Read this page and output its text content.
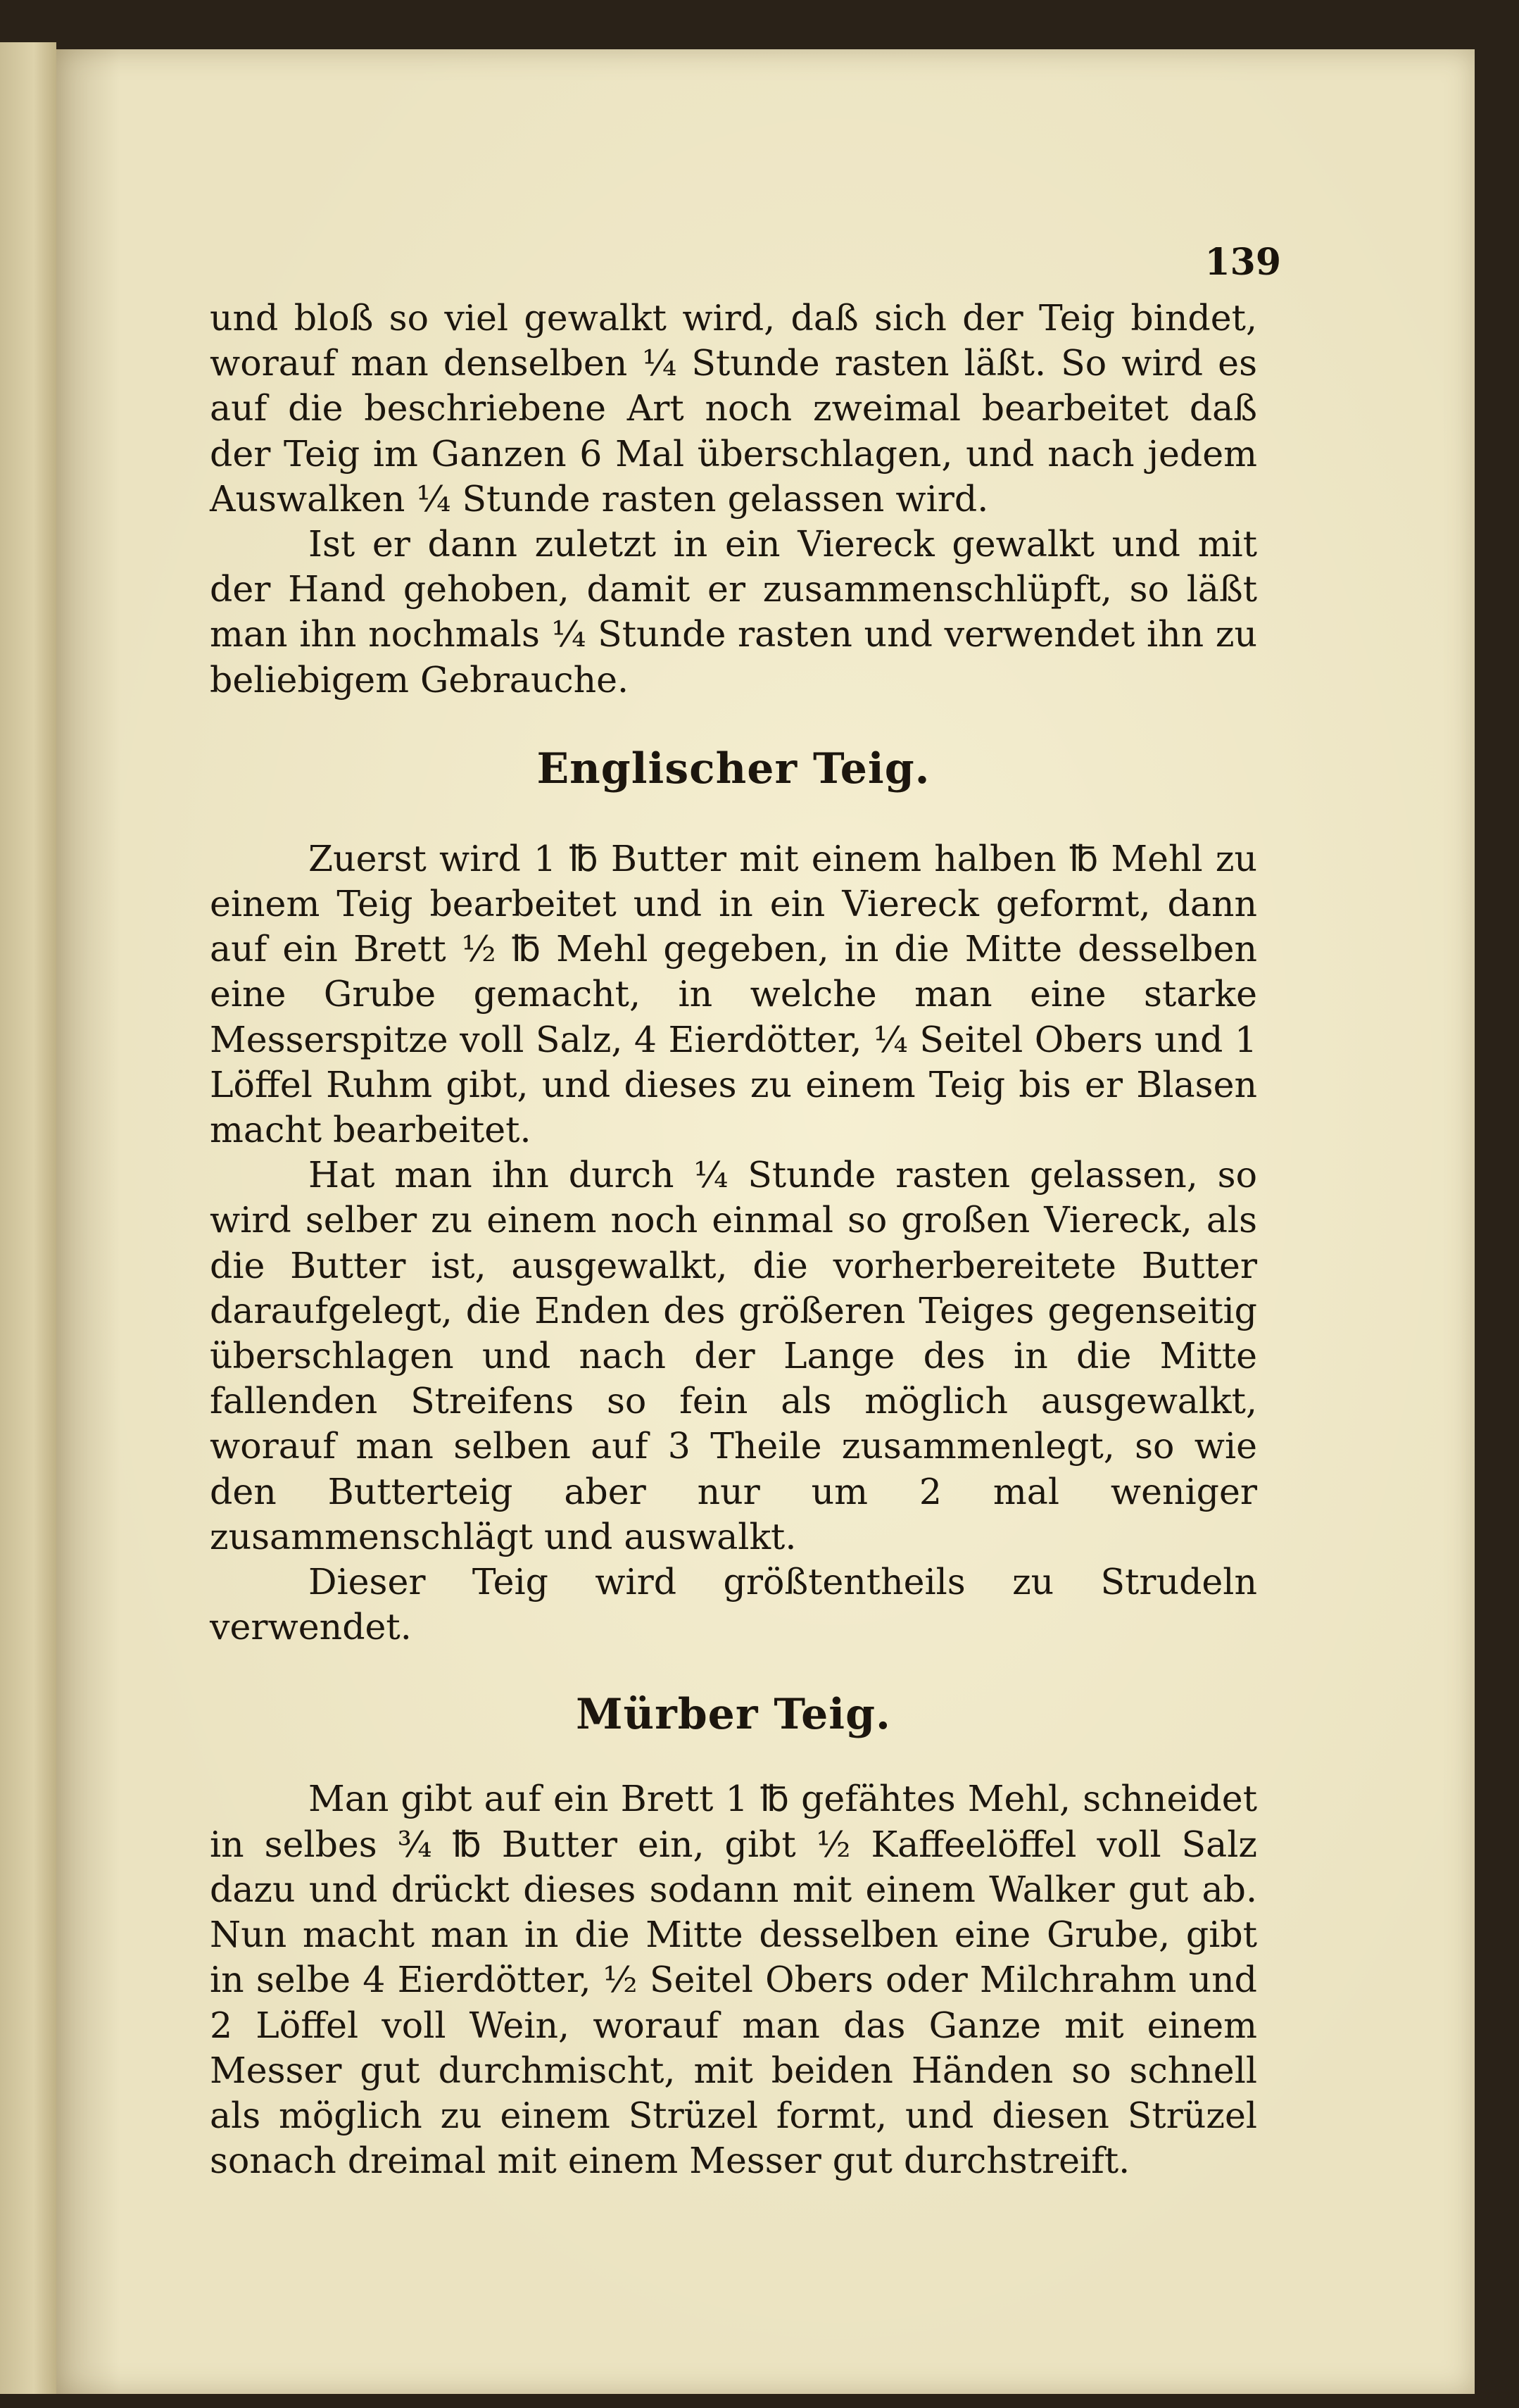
139

und bloß so viel gewalkt wird, daß sich der Teig bindet, worauf man denselben ¼ Stunde rasten läßt. So wird es auf die beschriebene Art noch zweimal bearbeitet daß der Teig im Ganzen 6 Mal überschlagen, und nach jedem Auswalken ¼ Stunde rasten gelassen wird.

Ist er dann zuletzt in ein Viereck gewalkt und mit der Hand gehoben, damit er zusammenschlüpft, so läßt man ihn nochmals ¼ Stunde rasten und verwendet ihn zu beliebigem Gebrauche.

Englischer Teig.

Zuerst wird 1 ℔ Butter mit einem halben ℔ Mehl zu einem Teig bearbeitet und in ein Viereck geformt, dann auf ein Brett ½ ℔ Mehl gegeben, in die Mitte desselben eine Grube gemacht, in welche man eine starke Messerspitze voll Salz, 4 Eierdötter, ¼ Seitel Obers und 1 Löffel Ruhm gibt, und dieses zu einem Teig bis er Blasen macht bearbeitet.

Hat man ihn durch ¼ Stunde rasten gelassen, so wird selber zu einem noch einmal so großen Viereck, als die Butter ist, ausgewalkt, die vorherbereitete Butter daraufgelegt, die Enden des größeren Teiges gegenseitig überschlagen und nach der Lange des in die Mitte fallenden Streifens so fein als möglich ausgewalkt, worauf man selben auf 3 Theile zusammenlegt, so wie den Butterteig aber nur um 2 mal weniger zusammenschlägt und auswalkt.

Dieser Teig wird größtentheils zu Strudeln verwendet.

Mürber Teig.

Man gibt auf ein Brett 1 ℔ gefähtes Mehl, schneidet in selbes ¾ ℔ Butter ein, gibt ½ Kaffeelöffel voll Salz dazu und drückt dieses sodann mit einem Walker gut ab. Nun macht man in die Mitte desselben eine Grube, gibt in selbe 4 Eierdötter, ½ Seitel Obers oder Milchrahm und 2 Löffel voll Wein, worauf man das Ganze mit einem Messer gut durchmischt, mit beiden Händen so schnell als möglich zu einem Strüzel formt, und diesen Strüzel sonach dreimal mit einem Messer gut durchstreift.
